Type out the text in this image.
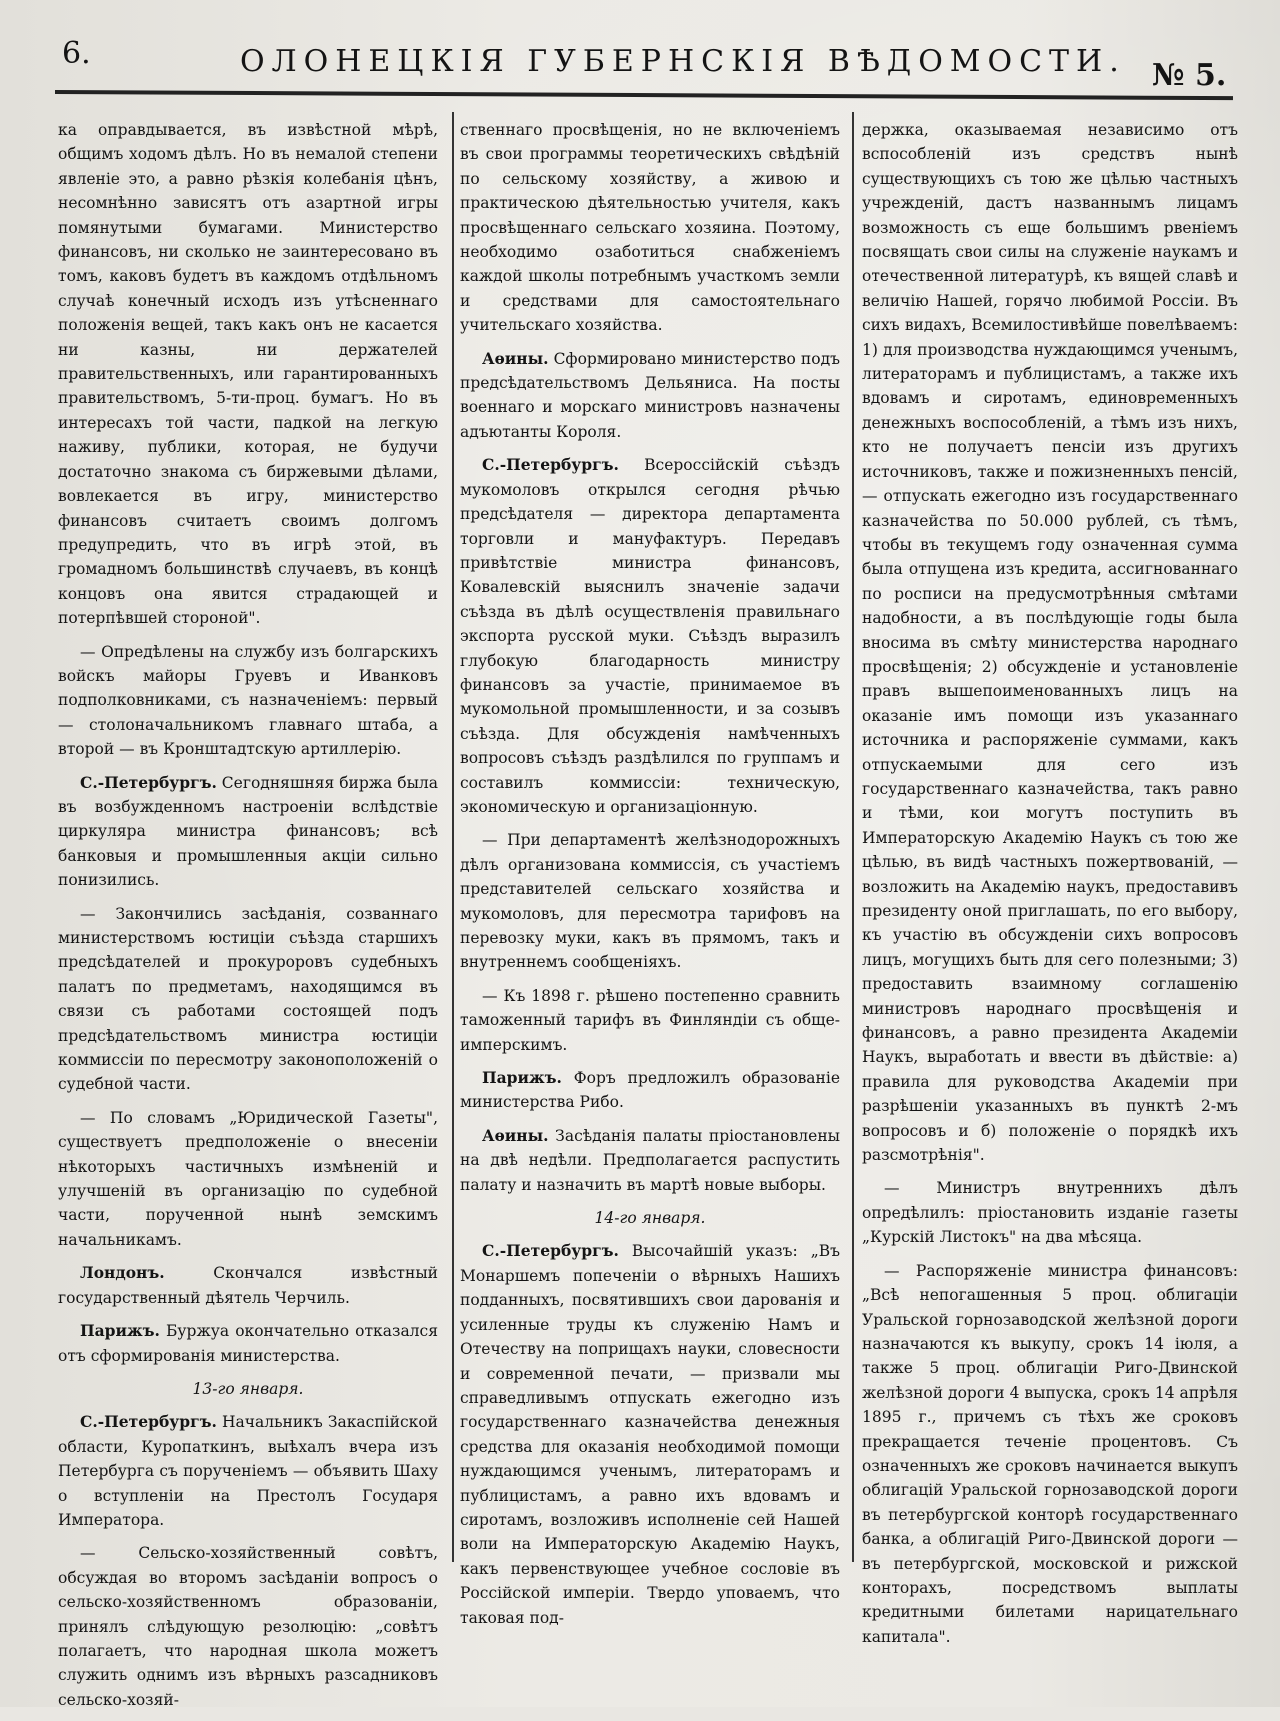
6.	ОЛОНЕЦКІЯ ГУБЕРНСКІЯ ВѢДОМОСТИ. № 5.

ка оправдывается, въ извѣстной мѣрѣ, общимъ ходомъ дѣлъ. Но въ немалой степени явленіе это, а равно рѣзкія колебанія цѣнъ, несомнѣнно зависятъ отъ азартной игры помянутыми бумагами. Министерство финансовъ, ни сколько не заинтересовано въ томъ, каковъ будетъ въ каждомъ отдѣльномъ случаѣ конечный исходъ изъ утѣсненнаго положенія вещей, такъ какъ онъ не касается ни казны, ни держателей правительственныхъ, или гарантированныхъ правительствомъ, 5-ти-проц. бумагъ. Но въ интересахъ той части, падкой на легкую наживу, публики, которая, не будучи достаточно знакома съ биржевыми дѣлами, вовлекается въ игру, министерство финансовъ считаетъ своимъ долгомъ предупредить, что въ игрѣ этой, въ громадномъ большинствѣ случаевъ, въ концѣ концовъ она явится страдающей и потерпѣвшей стороной".

— Опредѣлены на службу изъ болгарскихъ войскъ майоры Груевъ и Иванковъ подполковниками, съ назначеніемъ: первый — столоначальникомъ главнаго штаба, а второй — въ Кронштадтскую артиллерію.

С.-Петербургъ. Сегодняшняя биржа была въ возбужденномъ настроеніи вслѣдствіе циркуляра министра финансовъ; всѣ банковыя и промышленныя акціи сильно понизились.

— Закончились засѣданія, созваннаго министерствомъ юстиціи съѣзда старшихъ предсѣдателей и прокуроровъ судебныхъ палатъ по предметамъ, находящимся въ связи съ работами состоящей подъ предсѣдательствомъ министра юстиціи коммиссіи по пересмотру законоположеній о судебной части.

— По словамъ „Юридической Газеты", существуетъ предположеніе о внесеніи нѣкоторыхъ частичныхъ измѣненій и улучшеній въ организацію по судебной части, порученной нынѣ земскимъ начальникамъ.

Лондонъ. Скончался извѣстный государственный дѣятель Черчиль.

Парижъ. Буржуа окончательно отказался отъ сформированія министерства.

13-го января.

С.-Петербургъ. Начальникъ Закаспійской области, Куропаткинъ, выѣхалъ вчера изъ Петербурга съ порученіемъ — объявить Шаху о вступленіи на Престолъ Государя Императора.

— Сельско-хозяйственный совѣтъ, обсуждая во второмъ засѣданіи вопросъ о сельско-хозяйственномъ образованіи, принялъ слѣдующую резолюцію: „совѣтъ полагаетъ, что народная школа можетъ служить однимъ изъ вѣрныхъ разсадниковъ сельско-хозяй-

ственнаго просвѣщенія, но не включеніемъ въ свои программы теоретическихъ свѣдѣній по сельскому хозяйству, а живою и практическою дѣятельностью учителя, какъ просвѣщеннаго сельскаго хозяина. Поэтому, необходимо озаботиться снабженіемъ каждой школы потребнымъ участкомъ земли и средствами для самостоятельнаго учительскаго хозяйства.

Аѳины. Сформировано министерство подъ предсѣдательствомъ Дельяниса. На посты военнаго и морскаго министровъ назначены адъютанты Короля.

С.-Петербургъ. Всероссійскій съѣздъ мукомоловъ открылся сегодня рѣчью предсѣдателя — директора департамента торговли и мануфактуръ. Передавъ привѣтствіе министра финансовъ, Ковалевскій выяснилъ значеніе задачи съѣзда въ дѣлѣ осуществленія правильнаго экспорта русской муки. Съѣздъ выразилъ глубокую благодарность министру финансовъ за участіе, принимаемое въ мукомольной промышленности, и за созывъ съѣзда. Для обсужденія намѣченныхъ вопросовъ съѣздъ раздѣлился по группамъ и составилъ коммиссіи: техническую, экономическую и организаціонную.

— При департаментѣ желѣзнодорожныхъ дѣлъ организована коммиссія, съ участіемъ представителей сельскаго хозяйства и мукомоловъ, для пересмотра тарифовъ на перевозку муки, какъ въ прямомъ, такъ и внутреннемъ сообщеніяхъ.

— Къ 1898 г. рѣшено постепенно сравнить таможенный тарифъ въ Финляндіи съ обще-имперскимъ.

Парижъ. Форъ предложилъ образованіе министерства Рибо.

Аѳины. Засѣданія палаты пріостановлены на двѣ недѣли. Предполагается распустить палату и назначить въ мартѣ новые выборы.

14-го января.

С.-Петербургъ. Высочайшій указъ: „Въ Монаршемъ попеченіи о вѣрныхъ Нашихъ подданныхъ, посвятившихъ свои дарованія и усиленные труды къ служенію Намъ и Отечеству на поприщахъ науки, словесности и современной печати, — призвали мы справедливымъ отпускать ежегодно изъ государственнаго казначейства денежныя средства для оказанія необходимой помощи нуждающимся ученымъ, литераторамъ и публицистамъ, а равно ихъ вдовамъ и сиротамъ, возложивъ исполненіе сей Нашей воли на Императорскую Академію Наукъ, какъ первенствующее учебное сословіе въ Россійской имперіи. Твердо уповаемъ, что таковая под-

держка, оказываемая независимо отъ вспособленій изъ средствъ нынѣ существующихъ съ тою же цѣлью частныхъ учрежденій, дастъ названнымъ лицамъ возможность съ еще большимъ рвеніемъ посвящать свои силы на служеніе наукамъ и отечественной литературѣ, къ вящей славѣ и величію Нашей, горячо любимой Россіи. Въ сихъ видахъ, Всемилостивѣйше повелѣваемъ: 1) для производства нуждающимся ученымъ, литераторамъ и публицистамъ, а также ихъ вдовамъ и сиротамъ, единовременныхъ денежныхъ воспособленій, а тѣмъ изъ нихъ, кто не получаетъ пенсіи изъ другихъ источниковъ, также и пожизненныхъ пенсій, — отпускать ежегодно изъ государственнаго казначейства по 50.000 рублей, съ тѣмъ, чтобы въ текущемъ году означенная сумма была отпущена изъ кредита, ассигнованнаго по росписи на предусмотрѣнныя смѣтами надобности, а въ послѣдующіе годы была вносима въ смѣту министерства народнаго просвѣщенія; 2) обсужденіе и установленіе правъ вышепоименованныхъ лицъ на оказаніе имъ помощи изъ указаннаго источника и распоряженіе суммами, какъ отпускаемыми для сего изъ государственнаго казначейства, такъ равно и тѣми, кои могутъ поступить въ Императорскую Академію Наукъ съ тою же цѣлью, въ видѣ частныхъ пожертвованій, — возложить на Академію наукъ, предоставивъ президенту оной приглашать, по его выбору, къ участію въ обсужденіи сихъ вопросовъ лицъ, могущихъ быть для сего полезными; 3) предоставить взаимному соглашенію министровъ народнаго просвѣщенія и финансовъ, а равно президента Академіи Наукъ, выработать и ввести въ дѣйствіе: а) правила для руководства Академіи при разрѣшеніи указанныхъ въ пунктѣ 2-мъ вопросовъ и б) положеніе о порядкѣ ихъ разсмотрѣнія".

— Министръ внутреннихъ дѣлъ опредѣлилъ: пріостановить изданіе газеты „Курскій Листокъ" на два мѣсяца.

— Распоряженіе министра финансовъ: „Всѣ непогашенныя 5 проц. облигаціи Уральской горнозаводской желѣзной дороги назначаются къ выкупу, срокъ 14 іюля, а также 5 проц. облигаціи Риго-Двинской желѣзной дороги 4 выпуска, срокъ 14 апрѣля 1895 г., причемъ съ тѣхъ же сроковъ прекращается теченіе процентовъ. Съ означенныхъ же сроковъ начинается выкупъ облигацій Уральской горнозаводской дороги въ петербургской конторѣ государственнаго банка, а облигацій Риго-Двинской дороги — въ петербургской, московской и рижской конторахъ, посредствомъ выплаты кредитными билетами нарицательнаго капитала".
